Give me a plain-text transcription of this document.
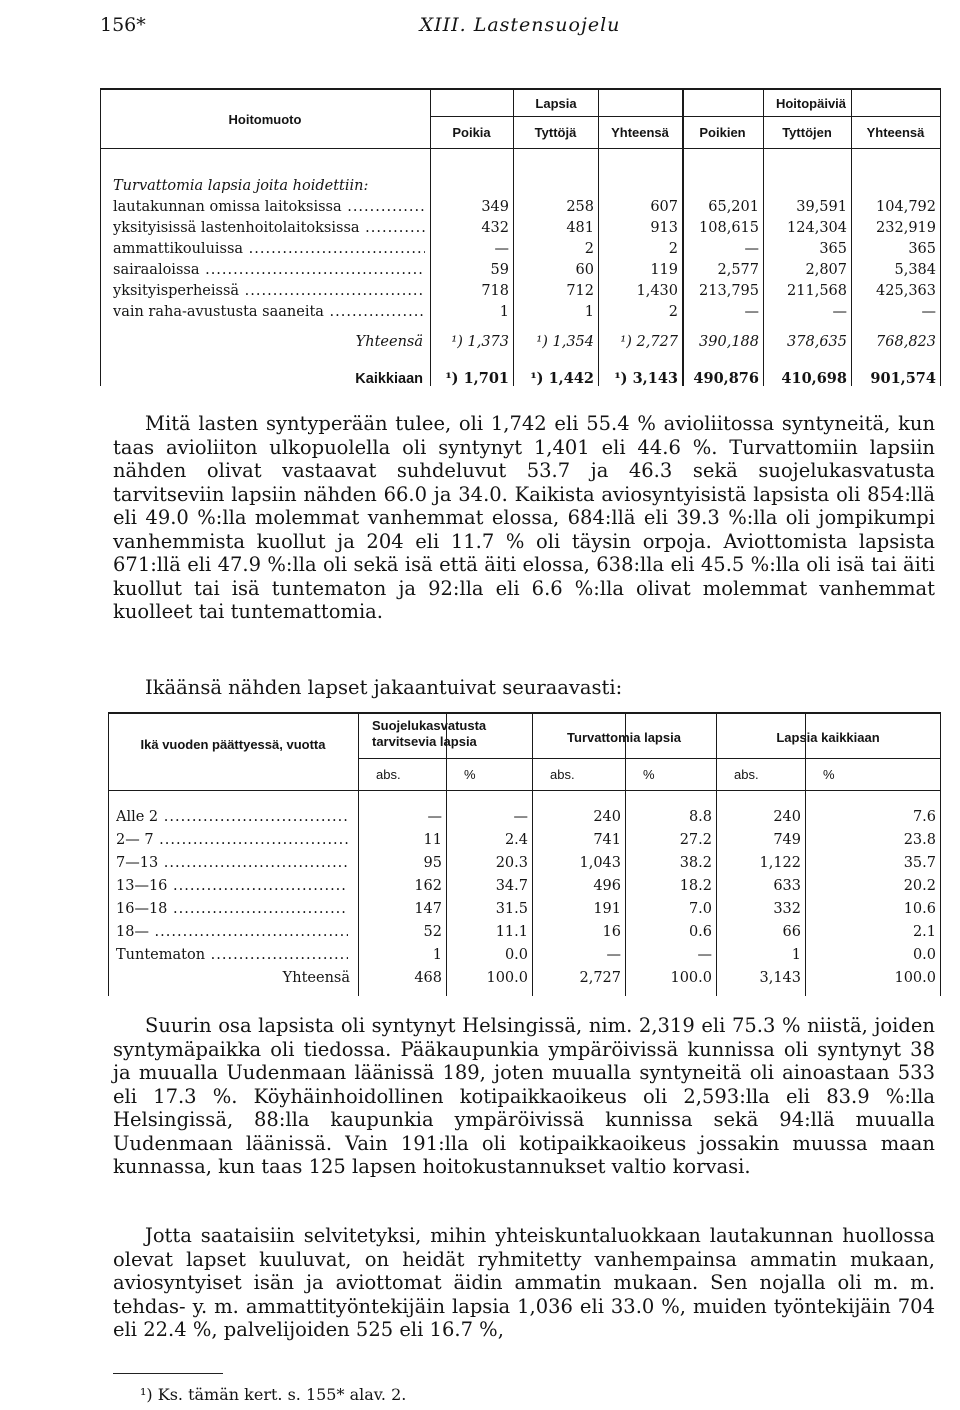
156*	XIII. Lastensuojelu
Hoitomuoto
Lapsia	Hoitopäiviä
Poikia	Tyttöjä	Yhteensä	Poikien	Tyttöjen	Yhteensä
Turvattomia lapsia joita hoidettiin:
lautakunnan omissa laitoksissa .....	349	258	607	65,201	39,591	104,792
yksityisissä lastenhoitolaitoksissa .....	432	481	913	108,615	124,304	232,919
ammattikouluissa .....	—	2	2	—	365	365
sairaaloissa .....	59	60	119	2,577	2,807	5,384
yksityisperheissä .....	718	712	1,430	213,795	211,568	425,363
vain raha-avustusta saaneita .....	1	1	2	—	—	—
Yhteensä	¹) 1,373	¹) 1,354	¹) 2,727	390,188	378,635	768,823
Kaikkiaan	¹) 1,701	¹) 1,442	¹) 3,143	490,876	410,698	901,574

Mitä lasten syntyperään tulee, oli 1,742 eli 55.4 % avioliitossa syntyneitä, kun taas avioliiton ulkopuolella oli syntynyt 1,401 eli 44.6 %. Turvattomiin lapsiin nähden olivat vastaavat suhdeluvut 53.7 ja 46.3 sekä suojelukasvatusta tarvitseviin lapsiin nähden 66.0 ja 34.0. Kaikista aviosyntyisistä lapsista oli 854:llä eli 49.0 %:lla molemmat vanhemmat elossa, 684:llä eli 39.3 %:lla oli jompikumpi vanhemmista kuollut ja 204 eli 11.7 % oli täysin orpoja. Aviottomista lapsista 671:llä eli 47.9 %:lla oli sekä isä että äiti elossa, 638:lla eli 45.5 %:lla oli isä tai äiti kuollut tai isä tuntematon ja 92:lla eli 6.6 %:lla olivat molemmat vanhemmat kuolleet tai tuntemattomia.

Ikäänsä nähden lapset jakaantuivat seuraavasti:

Ikä vuoden päättyessä, vuotta
Suojelukasvatusta tarvitsevia lapsia	Turvattomia lapsia	Lapsia kaikkiaan
abs.	%	abs.	%	abs.	%
Alle 2 .....	—	—	240	8.8	240	7.6
2— 7 .....	11	2.4	741	27.2	749	23.8
7—13 .....	95	20.3	1,043	38.2	1,122	35.7
13—16 .....	162	34.7	496	18.2	633	20.2
16—18 .....	147	31.5	191	7.0	332	10.6
18— .....	52	11.1	16	0.6	66	2.1
Tuntematon .....	1	0.0	—	—	1	0.0
Yhteensä	468	100.0	2,727	100.0	3,143	100.0

Suurin osa lapsista oli syntynyt Helsingissä, nim. 2,319 eli 75.3 % niistä, joiden syntymäpaikka oli tiedossa. Pääkaupunkia ympäröivissä kunnissa oli syntynyt 38 ja muualla Uudenmaan läänissä 189, joten muualla syntyneitä oli ainoastaan 533 eli 17.3 %. Köyhäinhoidollinen kotipaikkaoikeus oli 2,593:lla eli 83.9 %:lla Helsingissä, 88:lla kaupunkia ympäröivissä kunnissa sekä 94:llä muualla Uudenmaan läänissä. Vain 191:lla oli kotipaikkaoikeus jossakin muussa maan kunnassa, kun taas 125 lapsen hoitokustannukset valtio korvasi.

Jotta saataisiin selvitetyksi, mihin yhteiskuntaluokkaan lautakunnan huollossa olevat lapset kuuluvat, on heidät ryhmitetty vanhempainsa ammatin mukaan, aviosyntyiset isän ja aviottomat äidin ammatin mukaan. Sen nojalla oli m. m. tehdas- y. m. ammattityöntekijäin lapsia 1,036 eli 33.0 %, muiden työntekijäin 704 eli 22.4 %, palvelijoiden 525 eli 16.7 %,

¹) Ks. tämän kert. s. 155* alav. 2.
